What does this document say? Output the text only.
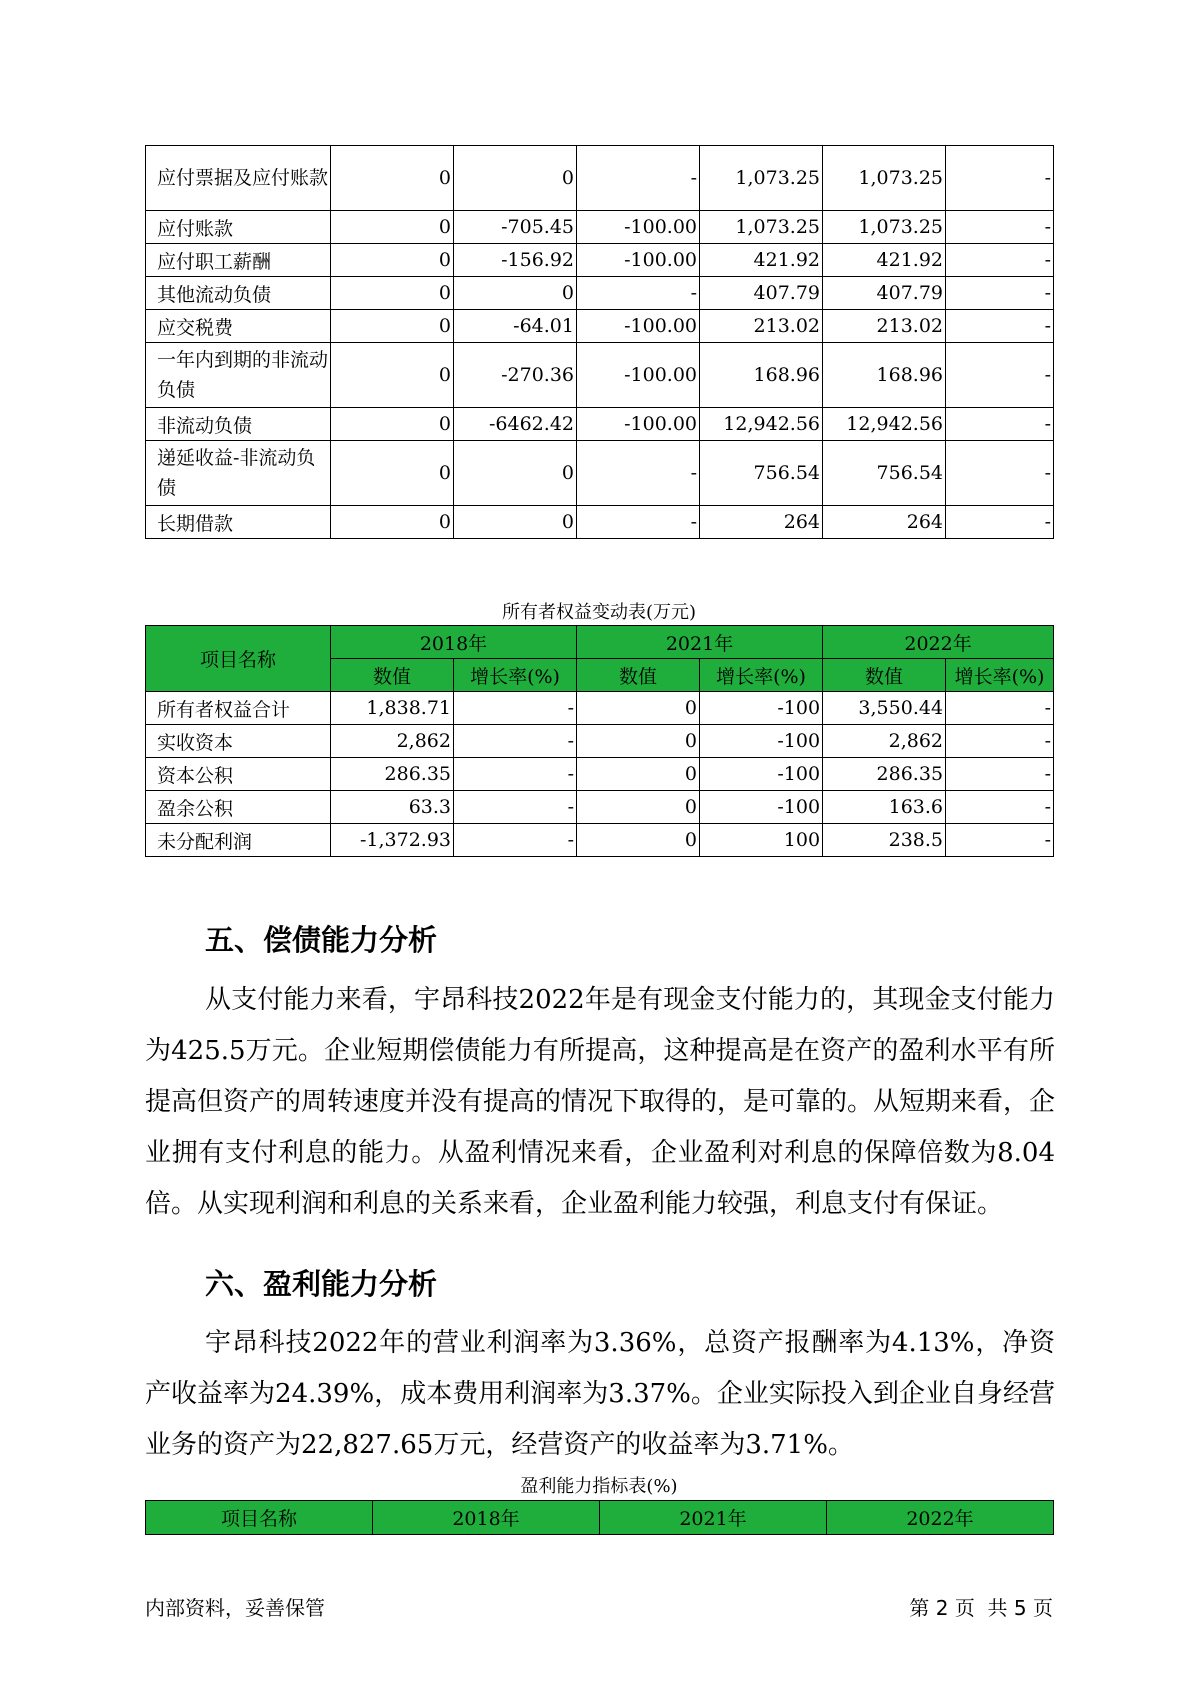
应付票据及应付账款	0	0	-	1,073.25	1,073.25	-
应付账款	0	-705.45	-100.00	1,073.25	1,073.25	-
应付职工薪酬	0	-156.92	-100.00	421.92	421.92	-
其他流动负债	0	0	-	407.79	407.79	-
应交税费	0	-64.01	-100.00	213.02	213.02	-
一年内到期的非流动负债	0	-270.36	-100.00	168.96	168.96	-
非流动负债	0	-6462.42	-100.00	12,942.56	12,942.56	-
递延收益-非流动负债	0	0	-	756.54	756.54	-
长期借款	0	0	-	264	264	-
所有者权益变动表(万元)
项目名称	2018年		2021年		2022年	
	数值	增长率(%)	数值	增长率(%)	数值	增长率(%)
所有者权益合计	1,838.71	-	0	-100	3,550.44	-
实收资本	2,862	-	0	-100	2,862	-
资本公积	286.35	-	0	-100	286.35	-
盈余公积	63.3	-	0	-100	163.6	-
未分配利润	-1,372.93	-	0	100	238.5	-
五、偿债能力分析

从支付能力来看，宇昂科技2022年是有现金支付能力的，其现金支付能力为425.5万元。企业短期偿债能力有所提高，这种提高是在资产的盈利水平有所提高但资产的周转速度并没有提高的情况下取得的，是可靠的。从短期来看，企业拥有支付利息的能力。从盈利情况来看，企业盈利对利息的保障倍数为8.04倍。从实现利润和利息的关系来看，企业盈利能力较强，利息支付有保证。

六、盈利能力分析

宇昂科技2022年的营业利润率为3.36%，总资产报酬率为4.13%，净资产收益率为24.39%，成本费用利润率为3.37%。企业实际投入到企业自身经营业务的资产为22,827.65万元，经营资产的收益率为3.71%。

盈利能力指标表(%)
项目名称	2018年	2021年	2022年
内部资料，妥善保管	第 2 页  共 5 页
